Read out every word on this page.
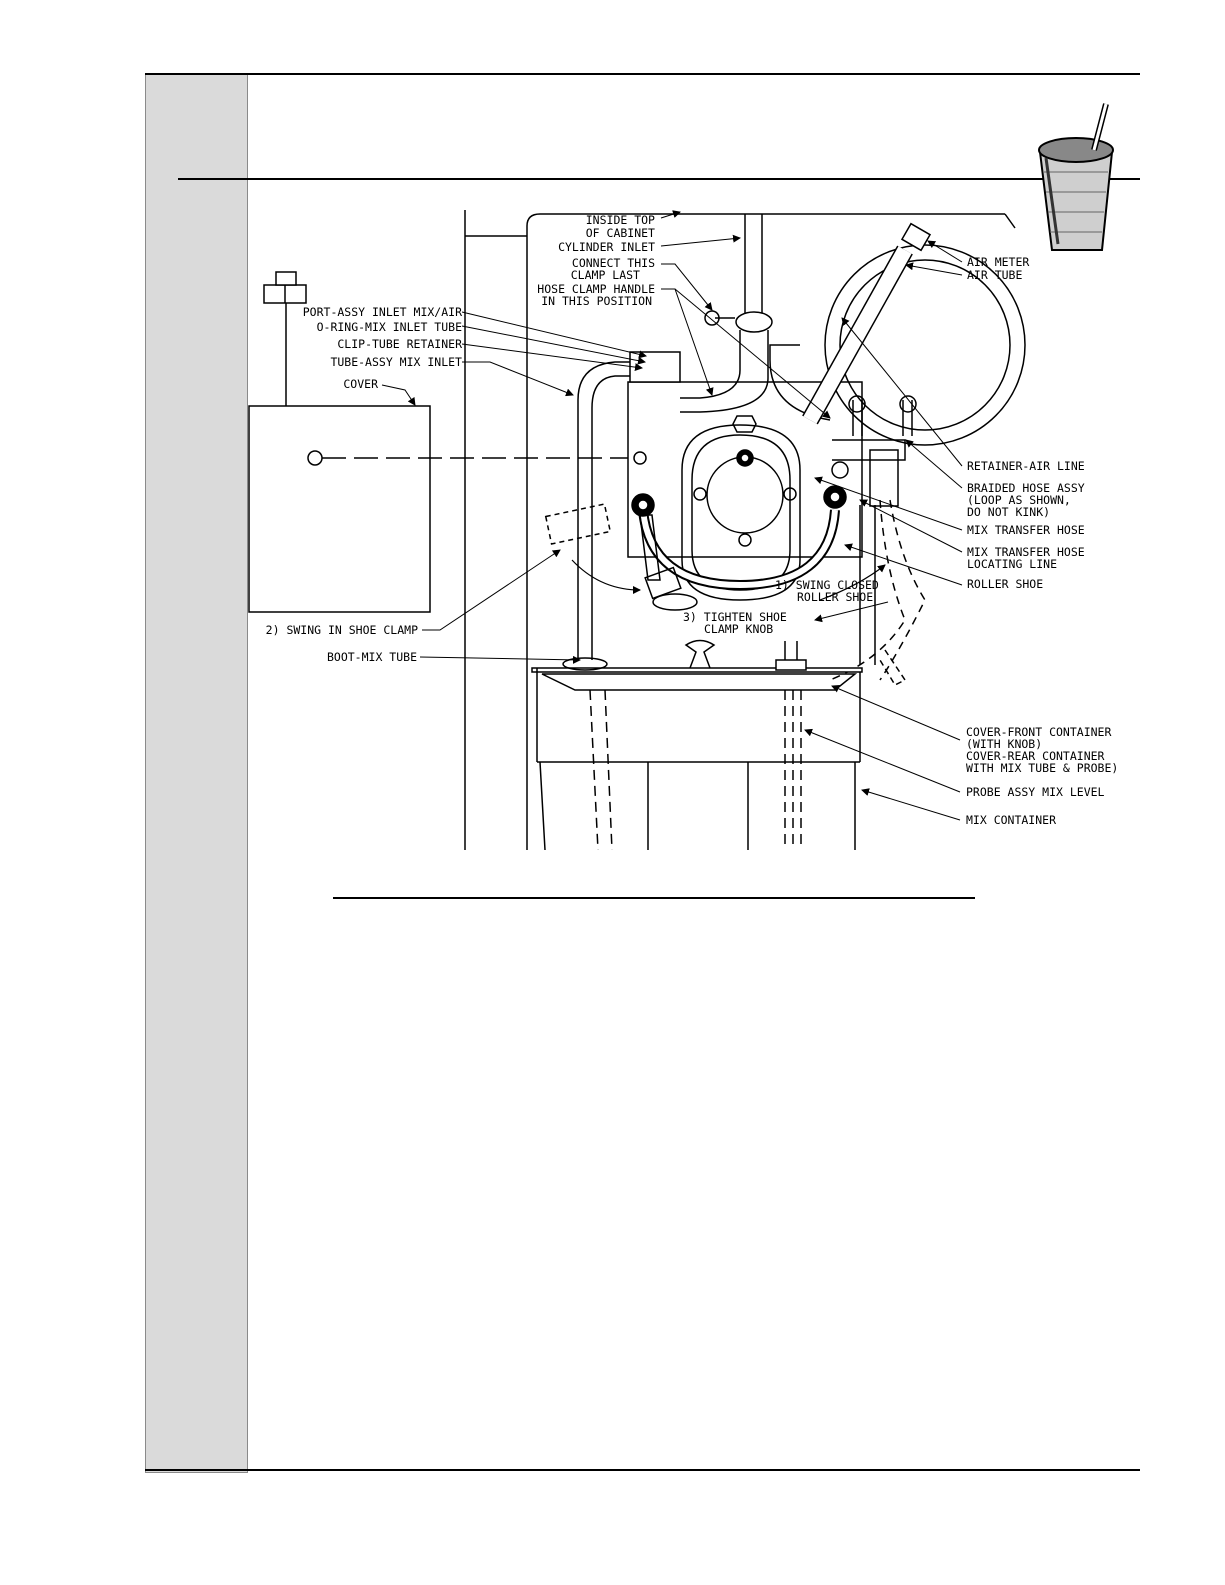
INSIDE TOP
OF CABINET
CYLINDER INLET
CONNECT THIS
CLAMP LAST
HOSE CLAMP HANDLE
IN THIS POSITION
PORT-ASSY INLET MIX/AIR
O-RING-MIX INLET TUBE
CLIP-TUBE RETAINER
TUBE-ASSY MIX INLET
COVER
2) SWING IN SHOE CLAMP
BOOT-MIX TUBE
AIR METER
AIR TUBE
RETAINER-AIR LINE
BRAIDED HOSE ASSY
(LOOP AS SHOWN,
DO NOT KINK)
MIX TRANSFER HOSE
MIX TRANSFER HOSE
LOCATING LINE
ROLLER SHOE
1) SWING CLOSED
ROLLER SHOE
3) TIGHTEN SHOE
CLAMP KNOB
COVER-FRONT CONTAINER
(WITH KNOB)
COVER-REAR CONTAINER
WITH MIX TUBE & PROBE)
PROBE ASSY MIX LEVEL
MIX CONTAINER
